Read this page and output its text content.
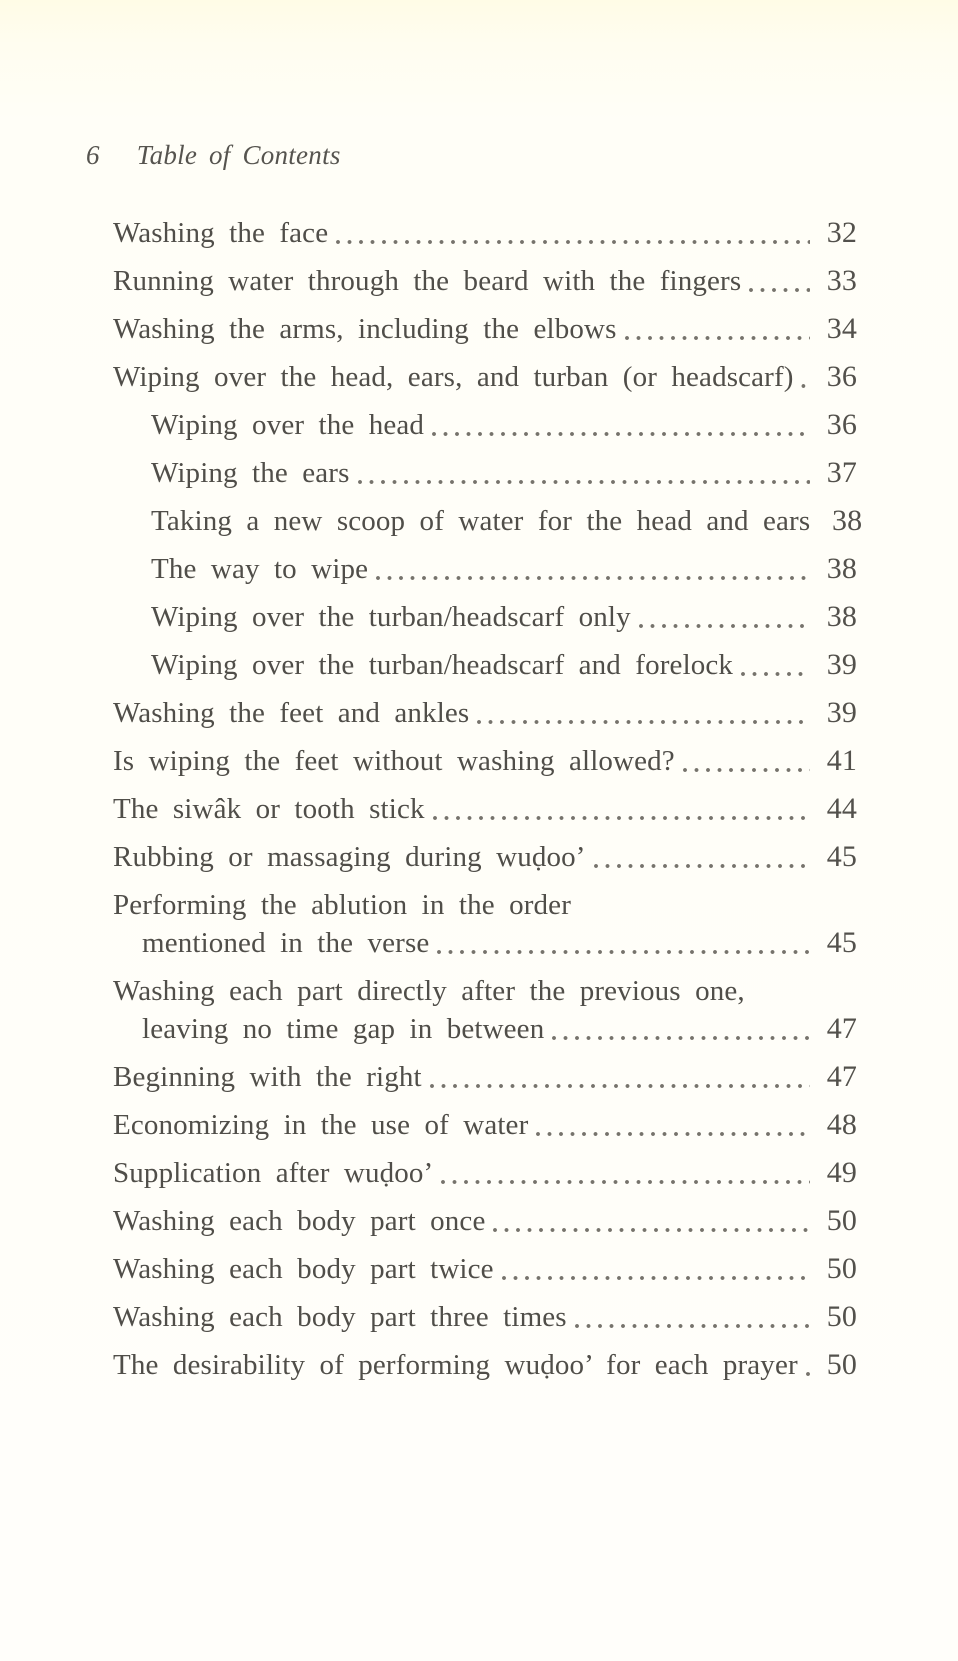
6 Table of Contents
Washing the face	32
Running water through the beard with the fingers	33
Washing the arms, including the elbows	34
Wiping over the head, ears, and turban (or headscarf)	36
Wiping over the head	36
Wiping the ears	37
Taking a new scoop of water for the head and ears 38
The way to wipe	38
Wiping over the turban/headscarf only	38
Wiping over the turban/headscarf and forelock	39
Washing the feet and ankles	39
Is wiping the feet without washing allowed?	41
The siwâk or tooth stick	44
Rubbing or massaging during wuḍoo’	45
Performing the ablution in the order
mentioned in the verse	45
Washing each part directly after the previous one,
leaving no time gap in between	47
Beginning with the right	47
Economizing in the use of water	48
Supplication after wuḍoo’	49
Washing each body part once	50
Washing each body part twice	50
Washing each body part three times	50
The desirability of performing wuḍoo’ for each prayer 50
